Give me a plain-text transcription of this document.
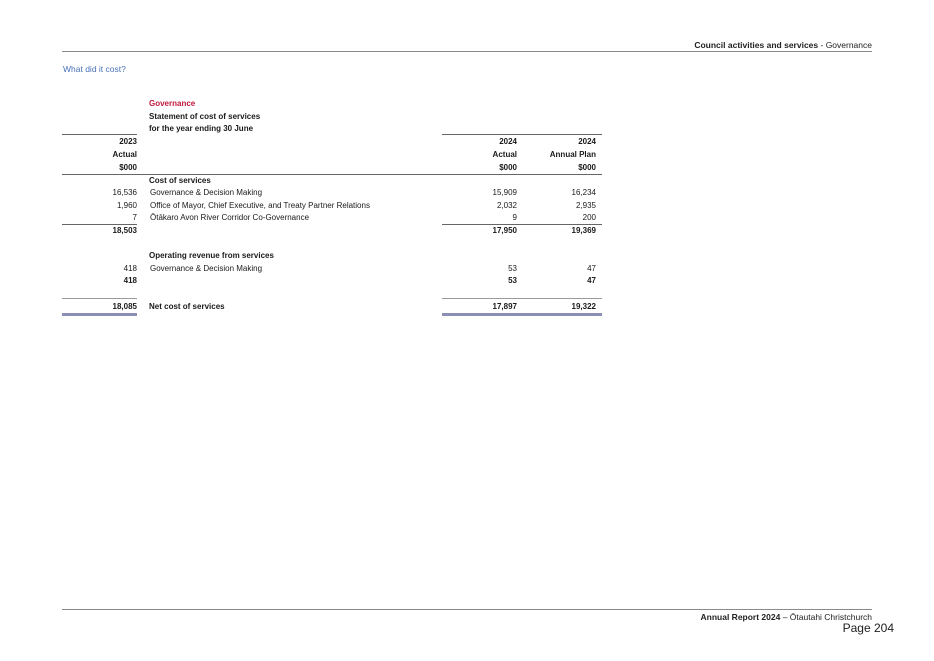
Council activities and services - Governance
What did it cost?
Governance
Statement of cost of services
for the year ending 30 June
2023	2024	2024
Actual	Actual	Annual Plan
$000	$000	$000
Cost of services
16,536 Governance & Decision Making	15,909	16,234
1,960 Office of Mayor, Chief Executive, and Treaty Partner Relations	2,032	2,935
7 Ōtākaro Avon River Corridor Co-Governance	9	200
18,503	17,950	19,369
Operating revenue from services
418 Governance & Decision Making	53	47
418	53	47
18,085 Net cost of services	17,897	19,322
Annual Report 2024 – Ōtautahi Christchurch
Page 204
